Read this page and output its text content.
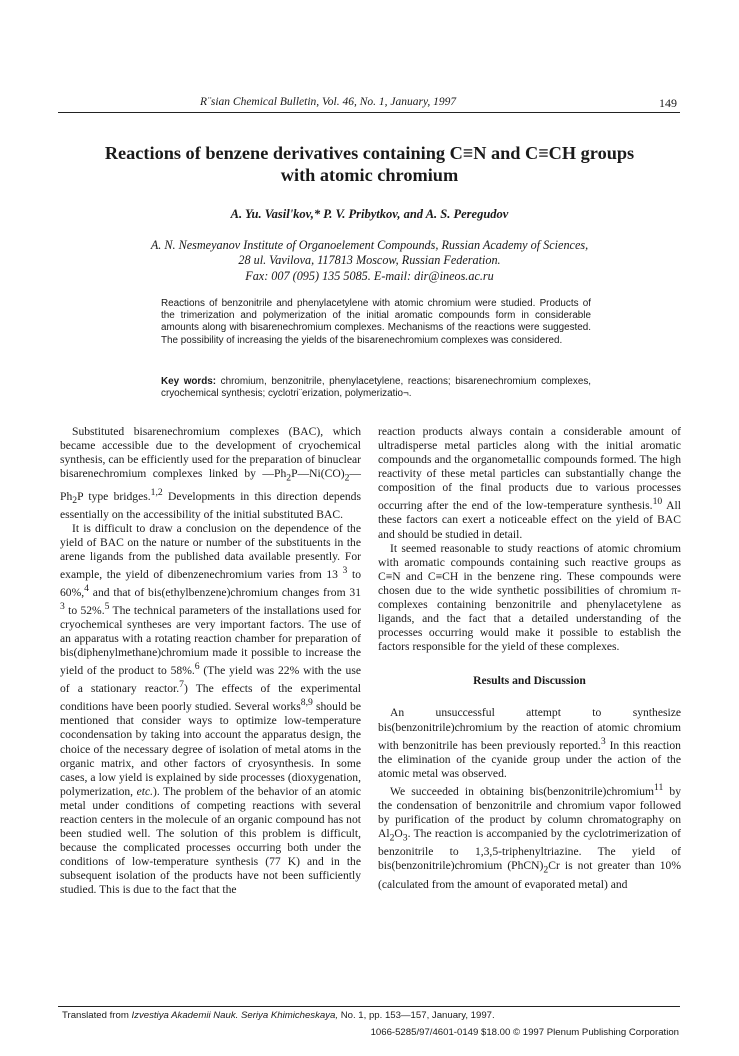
R¨sian Chemical Bulletin, Vol. 46, No. 1, January, 1997	149
Reactions of benzene derivatives containing C≡N and C≡CH groups
with atomic chromium
A. Yu. Vasil'kov,* P. V. Pribytkov, and A. S. Peregudov
A. N. Nesmeyanov Institute of Organoelement Compounds, Russian Academy of Sciences,
28 ul. Vavilova, 117813 Moscow, Russian Federation.
Fax: 007 (095) 135 5085. E-mail: dir@ineos.ac.ru
Reactions of benzonitrile and phenylacetylene with atomic chromium were studied. Products of the trimerization and polymerization of the initial aromatic compounds form in considerable amounts along with bisarenechromium complexes. Mechanisms of the reactions were suggested. The possibility of increasing the yields of the bisarenechromium complexes was considered.
Key words: chromium, benzonitrile, phenylacetylene, reactions; bisarenechromium complexes, cryochemical synthesis; cyclotri¨erization, polymerizatio¬.

Substituted bisarenechromium complexes (BAC), which became accessible due to the development of cryochemical synthesis, can be efficiently used for the preparation of binuclear bisarenechromium complexes linked by $—Ph_2P—Ni(CO)_2—Ph_2P$ type bridges.$^{1,2}$ Developments in this direction depends essentially on the accessibility of the initial substituted BAC.

It is difficult to draw a conclusion on the dependence of the yield of BAC on the nature or number of the substituents in the arene ligands from the published data available presently. For example, the yield of dibenzenechromium varies from 13 $^3$ to 60%,$^4$ and that of bis(ethylbenzene)chromium changes from 31 $^3$ to 52%.$^5$ The technical parameters of the installations used for cryochemical syntheses are very important factors. The use of an apparatus with a rotating reaction chamber for preparation of bis(diphenylmethane)chromium made it possible to increase the yield of the product to 58%.$^6$ (The yield was 22% with the use of a stationary reactor.$^7$) The effects of the experimental conditions have been poorly studied. Several works$^{8,9}$ should be mentioned that consider ways to optimize low-temperature cocondensation by taking into account the apparatus design, the choice of the necessary degree of isolation of metal atoms in the organic matrix, and other factors of cryosynthesis. In some cases, a low yield is explained by side processes (dioxygenation, polymerization, etc.). The problem of the behavior of an atomic metal under conditions of competing reactions with several reaction centers in the molecule of an organic compound has not been studied well. The solution of this problem is difficult, because the complicated processes occurring both under the conditions of low-temperature synthesis (77 K) and in the subsequent isolation of the products have not been sufficiently studied. This is due to the fact that the

reaction products always contain a considerable amount of ultradisperse metal particles along with the initial aromatic compounds and the organometallic compounds formed. The high reactivity of these metal particles can substantially change the composition of the final products due to various processes occurring after the end of the low-temperature synthesis.$^{10}$ All these factors can exert a noticeable effect on the yield of BAC and should be studied in detail.

It seemed reasonable to study reactions of atomic chromium with aromatic compounds containing such reactive groups as C≡N and C≡CH in the benzene ring. These compounds were chosen due to the wide synthetic possibilities of chromium π-complexes containing benzonitrile and phenylacetylene as ligands, and the fact that a detailed understanding of the processes occurring would make it possible to establish the factors responsible for the yield of these complexes.

Results and Discussion

An unsuccessful attempt to synthesize bis(benzonitrile)chromium by the reaction of atomic chromium with benzonitrile has been previously reported.$^3$ In this reaction the elimination of the cyanide group under the action of the atomic metal was observed.

We succeeded in obtaining bis(benzonitrile)chromium$^{11}$ by the condensation of benzonitrile and chromium vapor followed by purification of the product by column chromatography on $Al_2O_3$. The reaction is accompanied by the cyclotrimerization of benzonitrile to 1,3,5-triphenyltriazine. The yield of bis(benzonitrile)chromium $(PhCN)_2Cr$ is not greater than 10% (calculated from the amount of evaporated metal) and

Translated from Izvestiya Akademii Nauk. Seriya Khimicheskaya, No. 1, pp. 153—157, January, 1997.
1066-5285/97/4601-0149 $18.00 © 1997 Plenum Publishing Corporation
